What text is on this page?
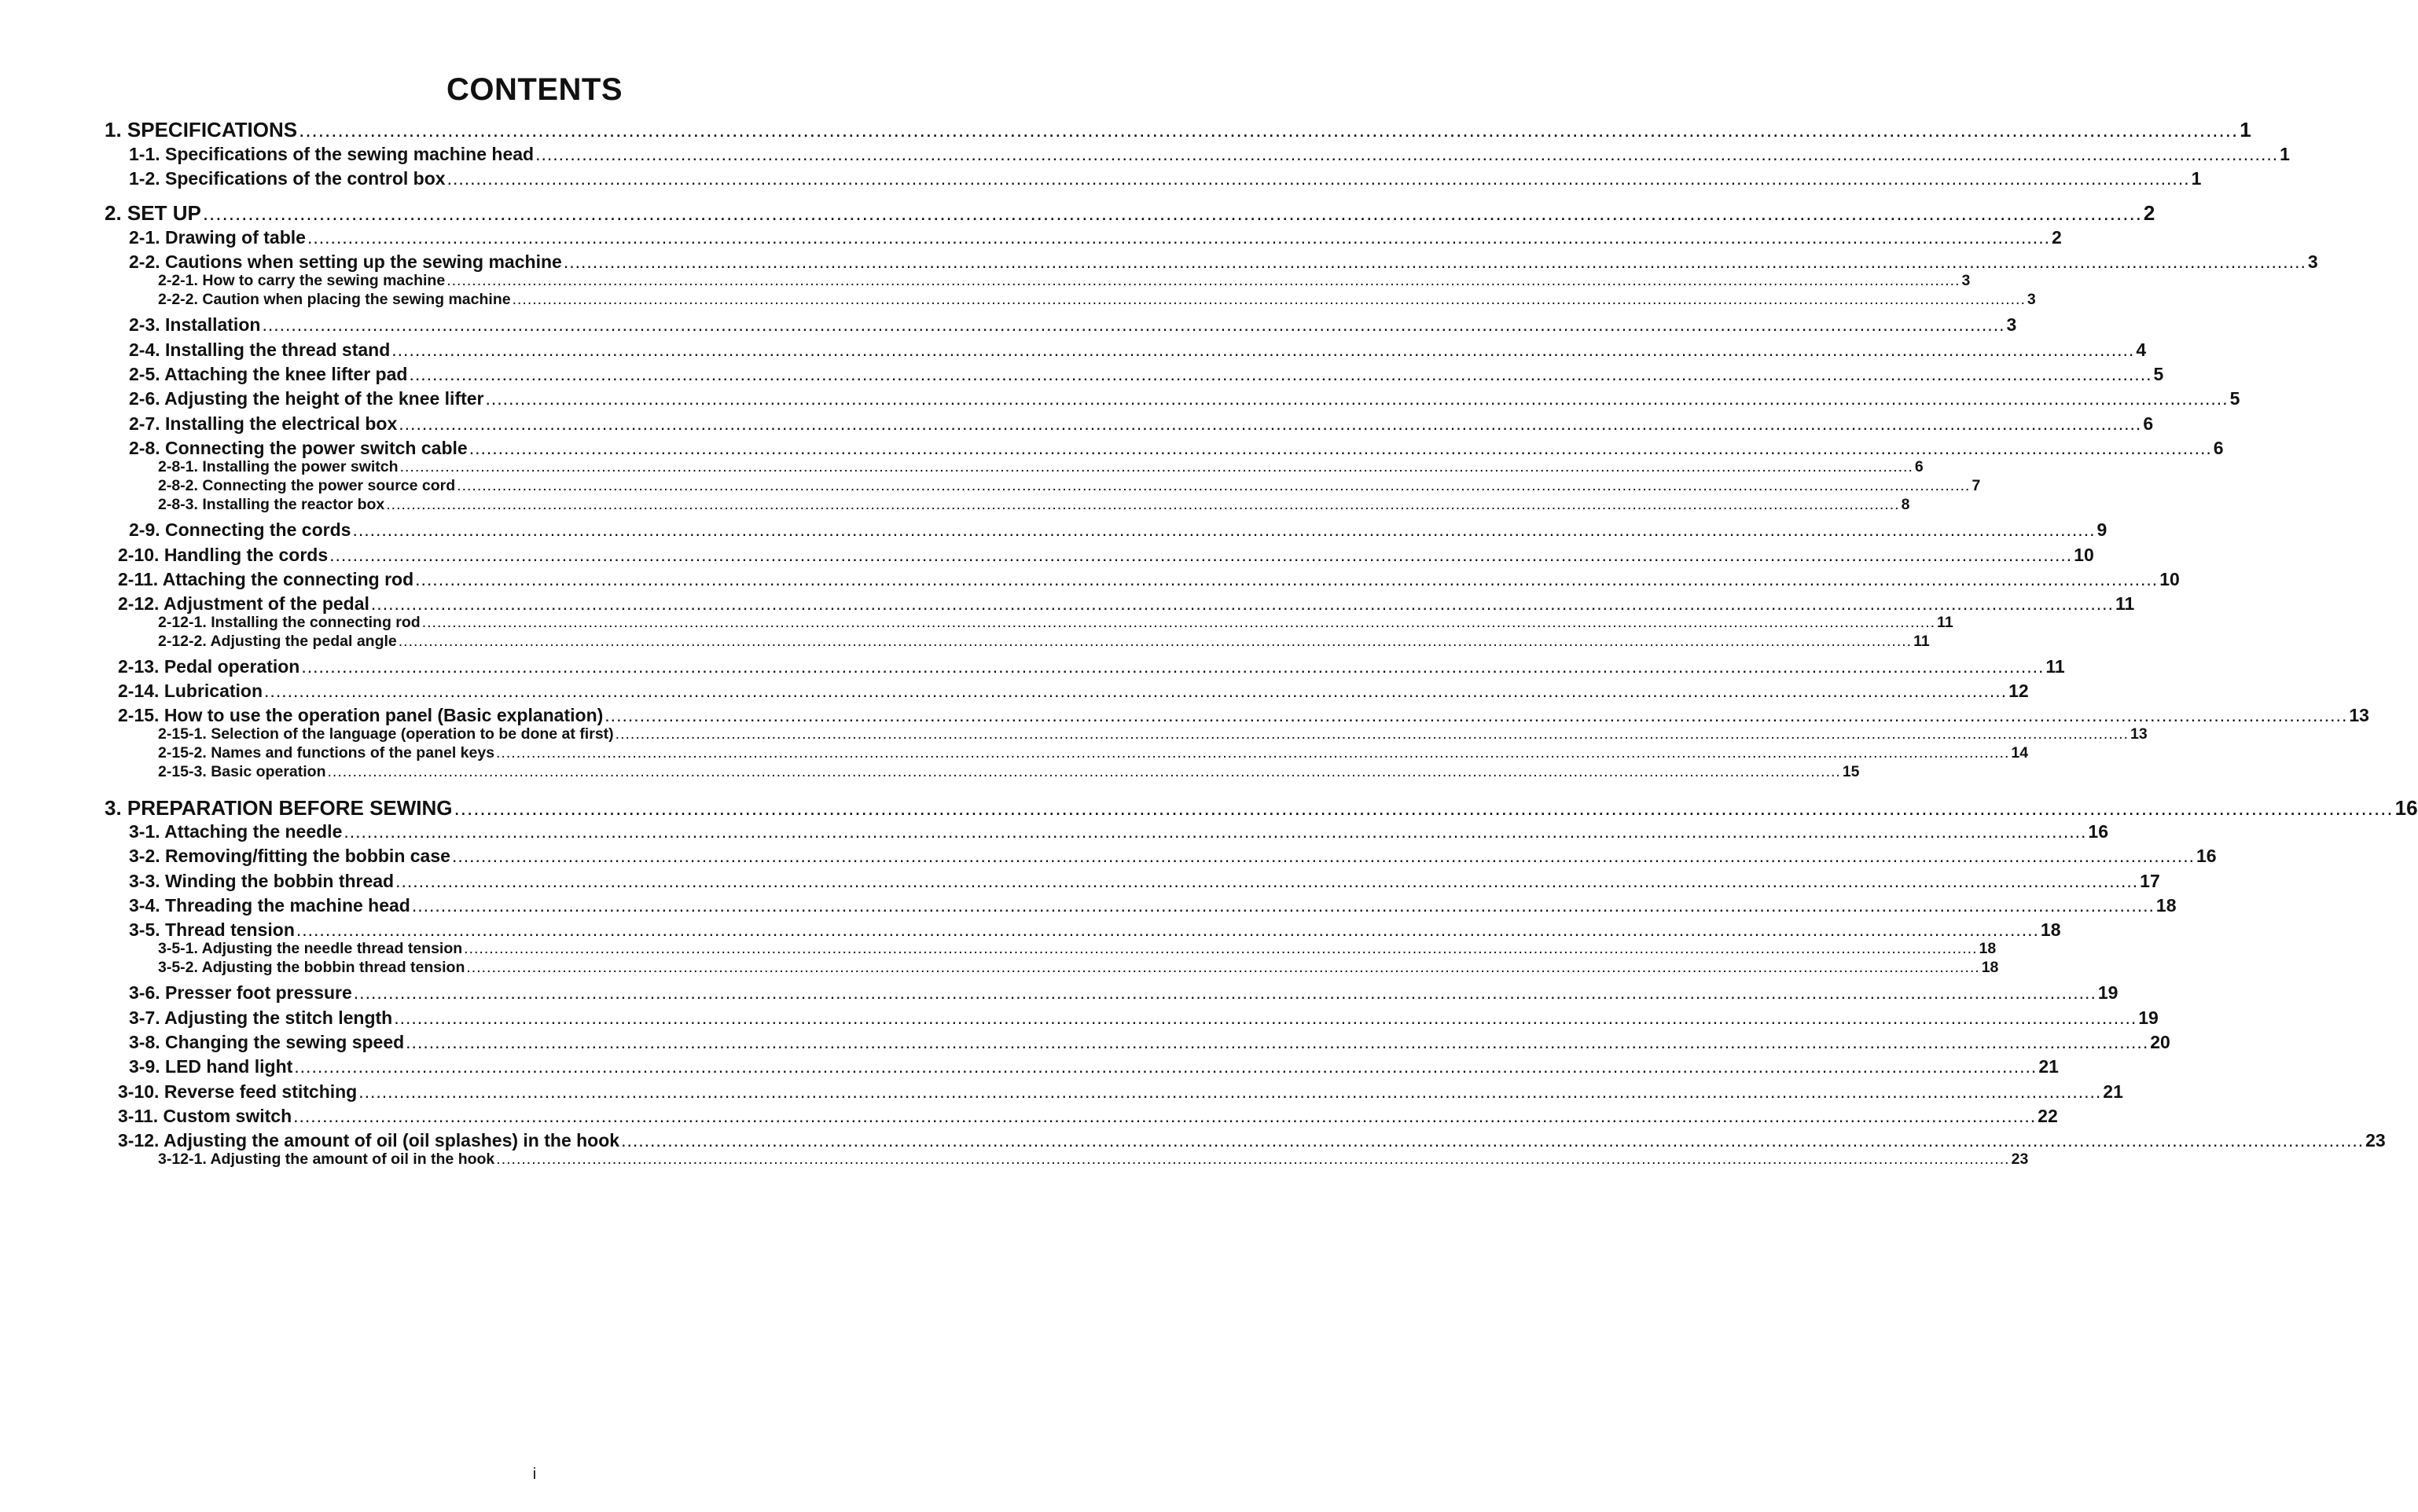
CONTENTS
1. SPECIFICATIONS ............................................................................................................................................................................................................................................................................................................ 1
1-1. Specifications of the sewing machine head ............................................................................................................................................................................................................................................................................................................ 1
1-2. Specifications of the control box ............................................................................................................................................................................................................................................................................................................ 1
2. SET UP ............................................................................................................................................................................................................................................................................................................ 2
2-1. Drawing of table ............................................................................................................................................................................................................................................................................................................ 2
2-2. Cautions when setting up the sewing machine ............................................................................................................................................................................................................................................................................................................ 3
2-2-1. How to carry the sewing machine ............................................................................................................................................................................................................................................................................................................ 3
2-2-2. Caution when placing the sewing machine ............................................................................................................................................................................................................................................................................................................ 3
2-3. Installation ............................................................................................................................................................................................................................................................................................................ 3
2-4. Installing the thread stand ............................................................................................................................................................................................................................................................................................................ 4
2-5. Attaching the knee lifter pad ............................................................................................................................................................................................................................................................................................................ 5
2-6. Adjusting the height of the knee lifter ............................................................................................................................................................................................................................................................................................................ 5
2-7. Installing the electrical box ............................................................................................................................................................................................................................................................................................................ 6
2-8. Connecting the power switch cable ............................................................................................................................................................................................................................................................................................................ 6
2-8-1. Installing the power switch ............................................................................................................................................................................................................................................................................................................ 6
2-8-2. Connecting the power source cord ............................................................................................................................................................................................................................................................................................................ 7
2-8-3. Installing the reactor box ............................................................................................................................................................................................................................................................................................................ 8
2-9. Connecting the cords ............................................................................................................................................................................................................................................................................................................ 9
2-10. Handling the cords ............................................................................................................................................................................................................................................................................................................ 10
2-11. Attaching the connecting rod ............................................................................................................................................................................................................................................................................................................ 10
2-12. Adjustment of the pedal ............................................................................................................................................................................................................................................................................................................ 11
2-12-1. Installing the connecting rod ............................................................................................................................................................................................................................................................................................................ 11
2-12-2. Adjusting the pedal angle ............................................................................................................................................................................................................................................................................................................ 11
2-13. Pedal operation ............................................................................................................................................................................................................................................................................................................ 11
2-14. Lubrication ............................................................................................................................................................................................................................................................................................................ 12
2-15. How to use the operation panel (Basic explanation) ............................................................................................................................................................................................................................................................................................................ 13
2-15-1. Selection of the language (operation to be done at first) ............................................................................................................................................................................................................................................................................................................ 13
2-15-2. Names and functions of the panel keys ............................................................................................................................................................................................................................................................................................................ 14
2-15-3. Basic operation ............................................................................................................................................................................................................................................................................................................ 15
3. PREPARATION BEFORE SEWING ............................................................................................................................................................................................................................................................................................................ 16
3-1. Attaching the needle ............................................................................................................................................................................................................................................................................................................ 16
3-2. Removing/fitting the bobbin case ............................................................................................................................................................................................................................................................................................................ 16
3-3. Winding the bobbin thread ............................................................................................................................................................................................................................................................................................................ 17
3-4. Threading the machine head ............................................................................................................................................................................................................................................................................................................ 18
3-5. Thread tension ............................................................................................................................................................................................................................................................................................................ 18
3-5-1. Adjusting the needle thread tension ............................................................................................................................................................................................................................................................................................................ 18
3-5-2. Adjusting the bobbin thread tension ............................................................................................................................................................................................................................................................................................................ 18
3-6. Presser foot pressure ............................................................................................................................................................................................................................................................................................................ 19
3-7. Adjusting the stitch length ............................................................................................................................................................................................................................................................................................................ 19
3-8. Changing the sewing speed ............................................................................................................................................................................................................................................................................................................ 20
3-9. LED hand light ............................................................................................................................................................................................................................................................................................................ 21
3-10. Reverse feed stitching ............................................................................................................................................................................................................................................................................................................ 21
3-11. Custom switch ............................................................................................................................................................................................................................................................................................................ 22
3-12. Adjusting the amount of oil (oil splashes) in the hook ............................................................................................................................................................................................................................................................................................................ 23
3-12-1. Adjusting the amount of oil in the hook ............................................................................................................................................................................................................................................................................................................ 23
i
